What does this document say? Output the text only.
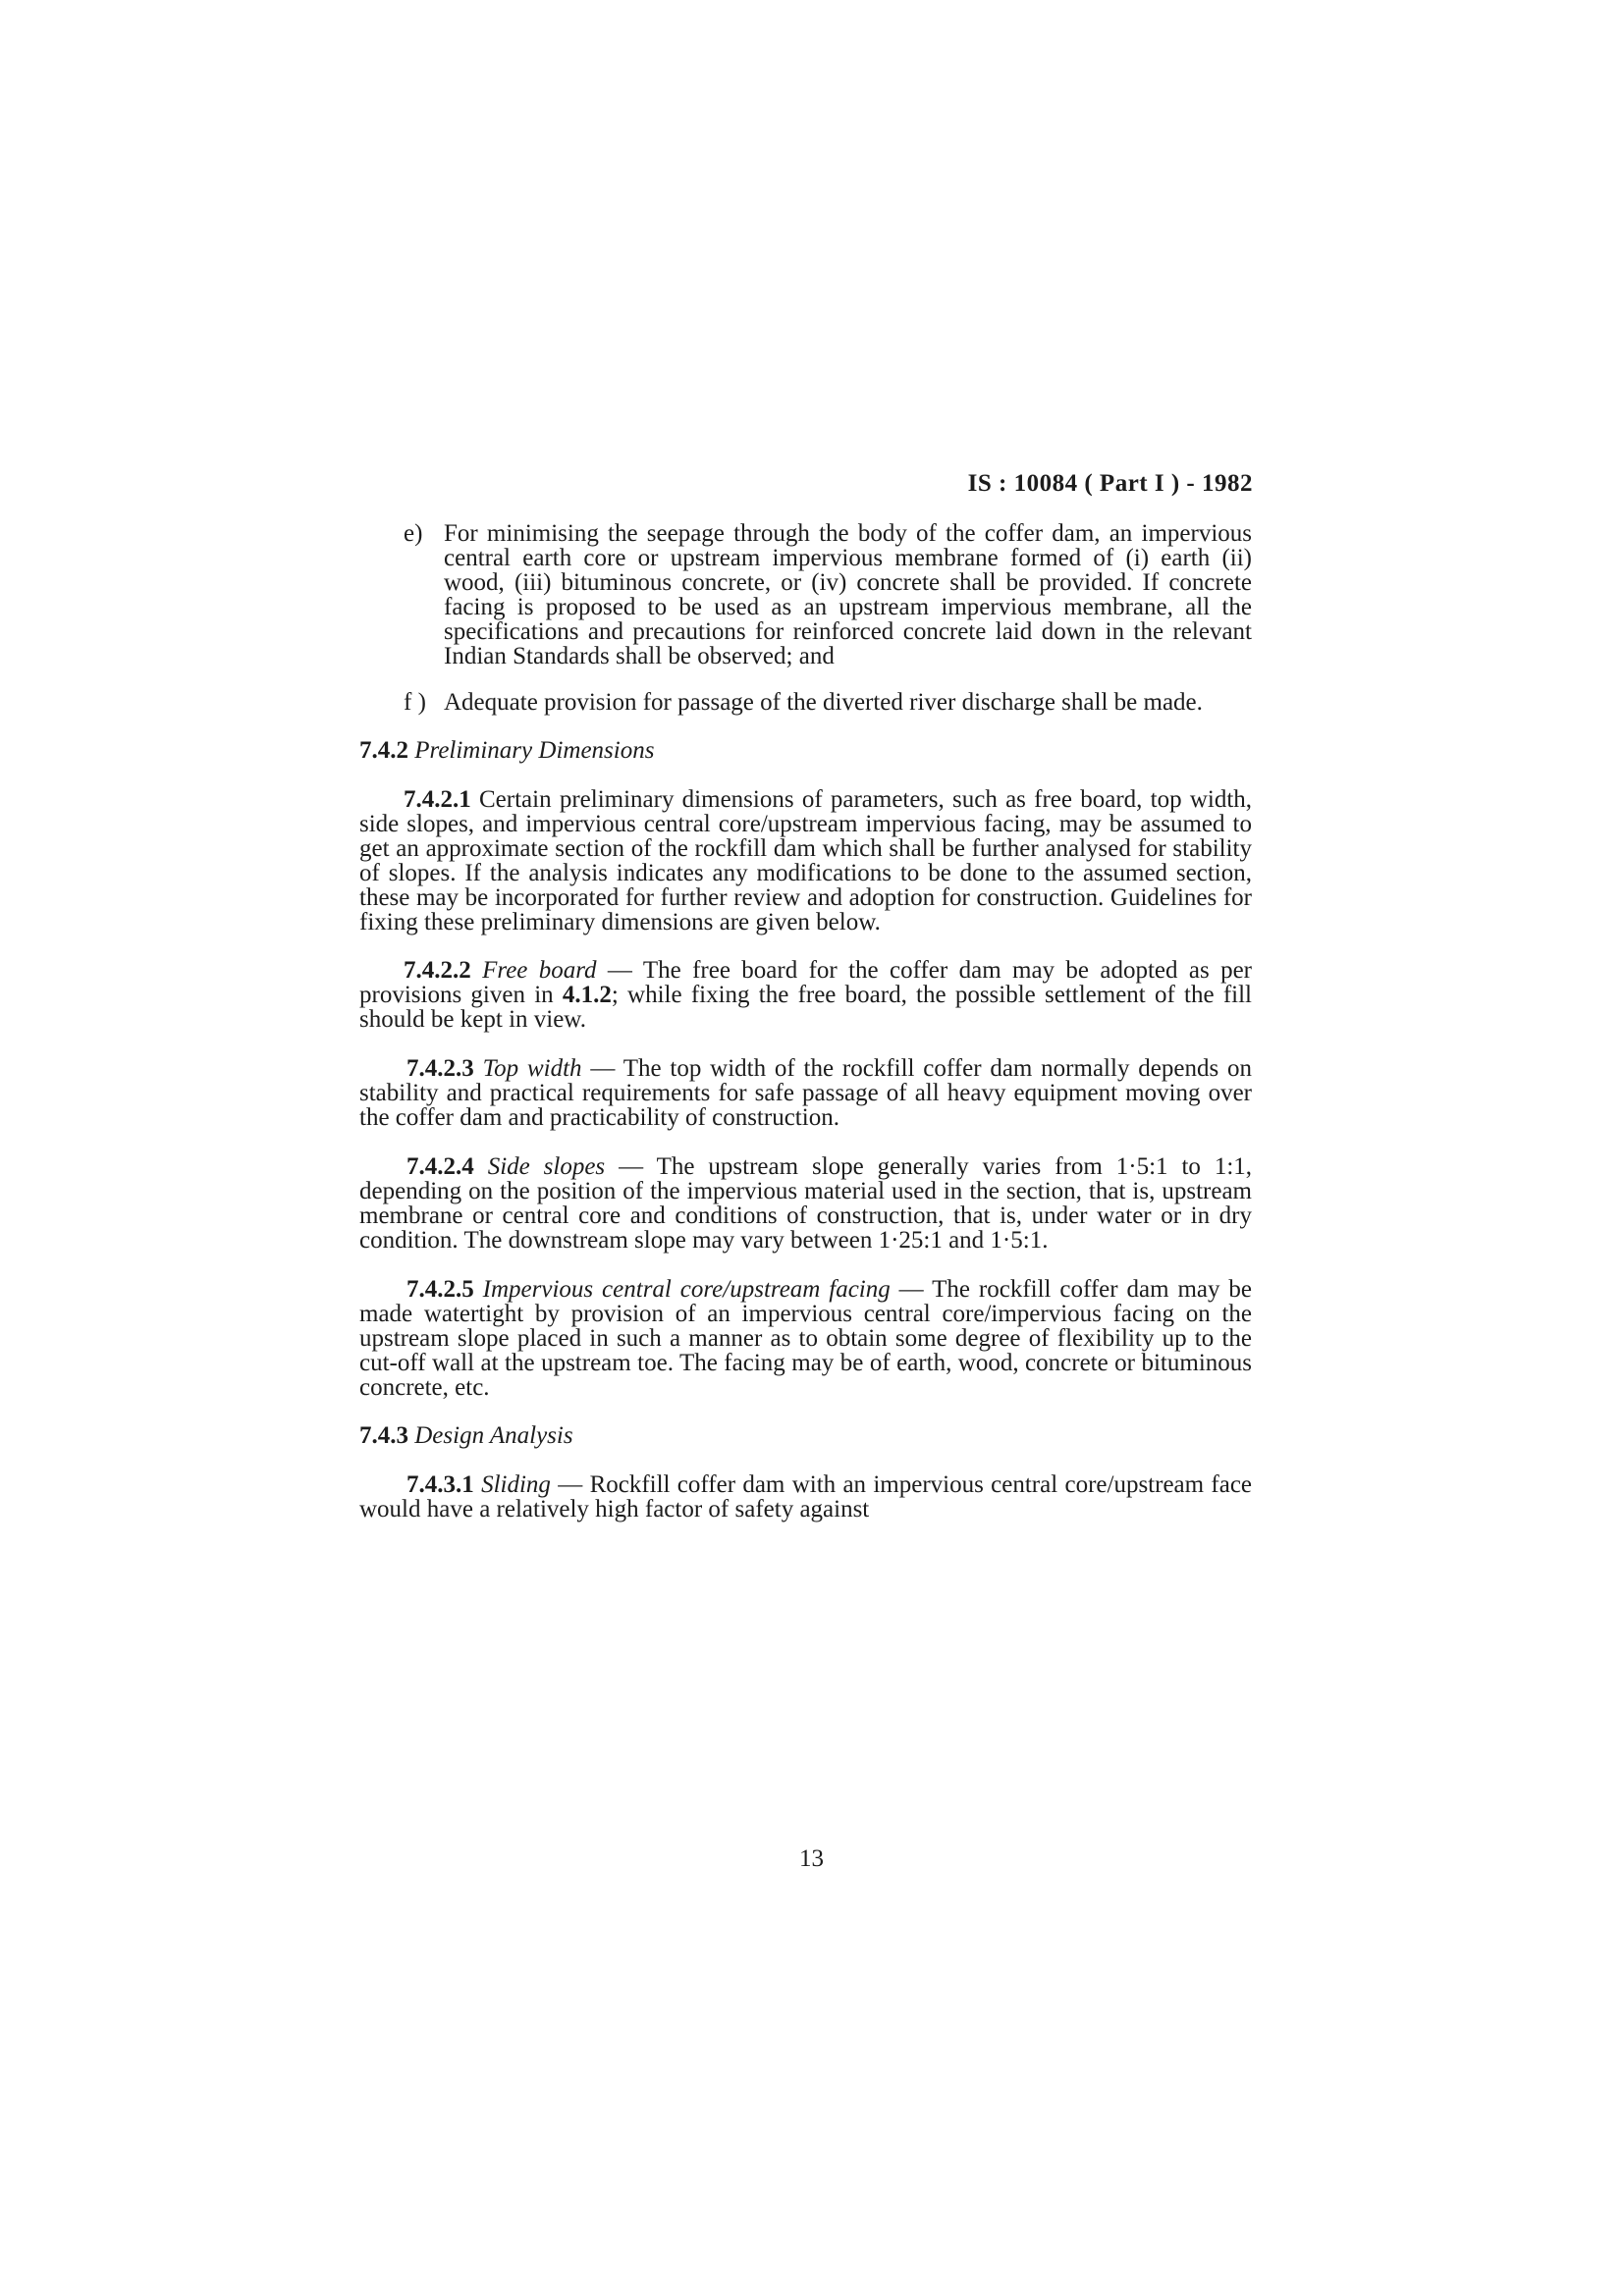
IS : 10084 ( Part I ) - 1982
e) For minimising the seepage through the body of the coffer dam, an impervious central earth core or upstream impervious membrane formed of (i) earth (ii) wood, (iii) bituminous concrete, or (iv) concrete shall be provided. If concrete facing is proposed to be used as an upstream impervious membrane, all the specifications and precautions for reinforced concrete laid down in the relevant Indian Standards shall be observed; and
f ) Adequate provision for passage of the diverted river discharge shall be made.
7.4.2 Preliminary Dimensions

7.4.2.1 Certain preliminary dimensions of parameters, such as free board, top width, side slopes, and impervious central core/upstream impervious facing, may be assumed to get an approximate section of the rockfill dam which shall be further analysed for stability of slopes. If the analysis indicates any modifications to be done to the assumed section, these may be incorporated for further review and adoption for construction. Guidelines for fixing these preliminary dimensions are given below.

7.4.2.2 Free board — The free board for the coffer dam may be adopted as per provisions given in 4.1.2; while fixing the free board, the possible settlement of the fill should be kept in view.

7.4.2.3 Top width — The top width of the rockfill coffer dam normally depends on stability and practical requirements for safe passage of all heavy equipment moving over the coffer dam and practicability of construction.

7.4.2.4 Side slopes — The upstream slope generally varies from 1·5:1 to 1:1, depending on the position of the impervious material used in the section, that is, upstream membrane or central core and conditions of construction, that is, under water or in dry condition. The downstream slope may vary between 1·25:1 and 1·5:1.

7.4.2.5 Impervious central core/upstream facing — The rockfill coffer dam may be made watertight by provision of an impervious central core/impervious facing on the upstream slope placed in such a manner as to obtain some degree of flexibility up to the cut-off wall at the upstream toe. The facing may be of earth, wood, concrete or bituminous concrete, etc.

7.4.3 Design Analysis

7.4.3.1 Sliding — Rockfill coffer dam with an impervious central core/upstream face would have a relatively high factor of safety against

13
